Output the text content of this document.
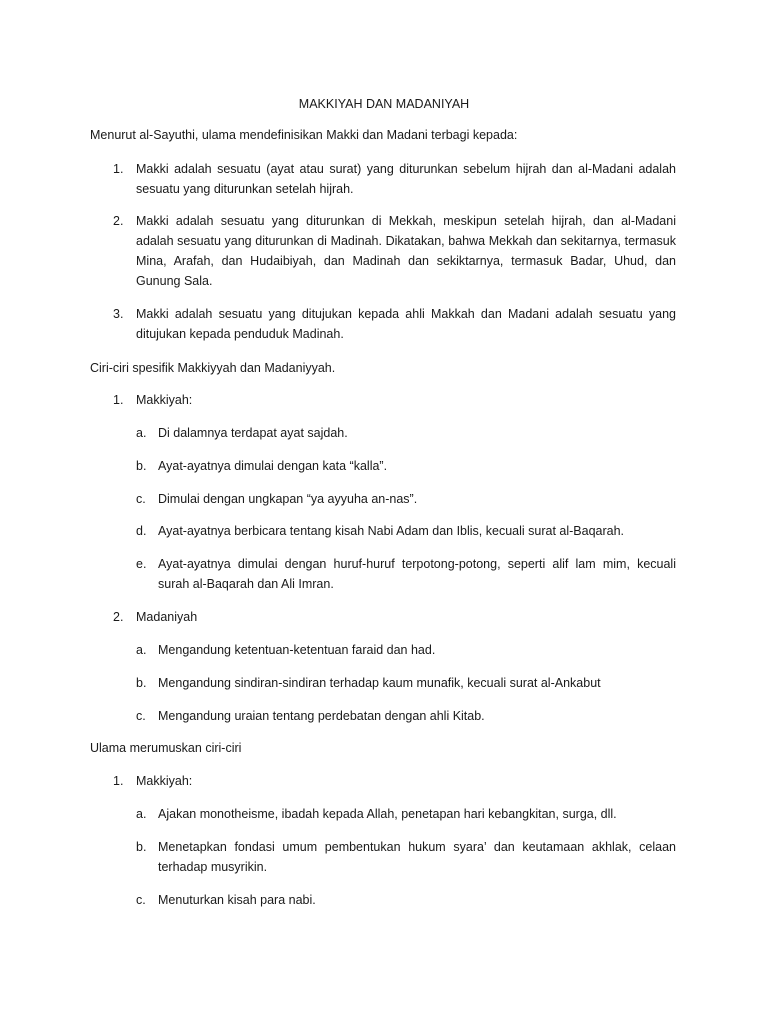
MAKKIYAH DAN MADANIYAH
Menurut al-Sayuthi, ulama mendefinisikan Makki dan Madani terbagi kepada:
1. Makki adalah sesuatu (ayat atau surat) yang diturunkan sebelum hijrah dan al-Madani adalah
sesuatu yang diturunkan setelah hijrah.
2. Makki adalah sesuatu yang diturunkan di Mekkah, meskipun setelah hijrah, dan al-Madani
adalah sesuatu yang diturunkan di Madinah. Dikatakan, bahwa Mekkah dan sekitarnya, termasuk
Mina, Arafah, dan Hudaibiyah, dan Madinah dan sekiktarnya, termasuk Badar, Uhud, dan
Gunung Sala.
3. Makki adalah sesuatu yang ditujukan kepada ahli Makkah dan Madani adalah sesuatu yang
ditujukan kepada penduduk Madinah.
Ciri-ciri spesifik Makkiyyah dan Madaniyyah.
1. Makkiyah:
a. Di dalamnya terdapat ayat sajdah.
b. Ayat-ayatnya dimulai dengan kata “kalla”.
c. Dimulai dengan ungkapan “ya ayyuha an-nas”.
d. Ayat-ayatnya berbicara tentang kisah Nabi Adam dan Iblis, kecuali surat al-Baqarah.
e. Ayat-ayatnya dimulai dengan huruf-huruf terpotong-potong, seperti alif lam mim, kecuali
surah al-Baqarah dan Ali Imran.
2. Madaniyah
a. Mengandung ketentuan-ketentuan faraid dan had.
b. Mengandung sindiran-sindiran terhadap kaum munafik, kecuali surat al-Ankabut
c. Mengandung uraian tentang perdebatan dengan ahli Kitab.
Ulama merumuskan ciri-ciri
1. Makkiyah:
a. Ajakan monotheisme, ibadah kepada Allah, penetapan hari kebangkitan, surga, dll.
b. Menetapkan fondasi umum pembentukan hukum syara’ dan keutamaan akhlak, celaan
terhadap musyrikin.
c. Menuturkan kisah para nabi.
